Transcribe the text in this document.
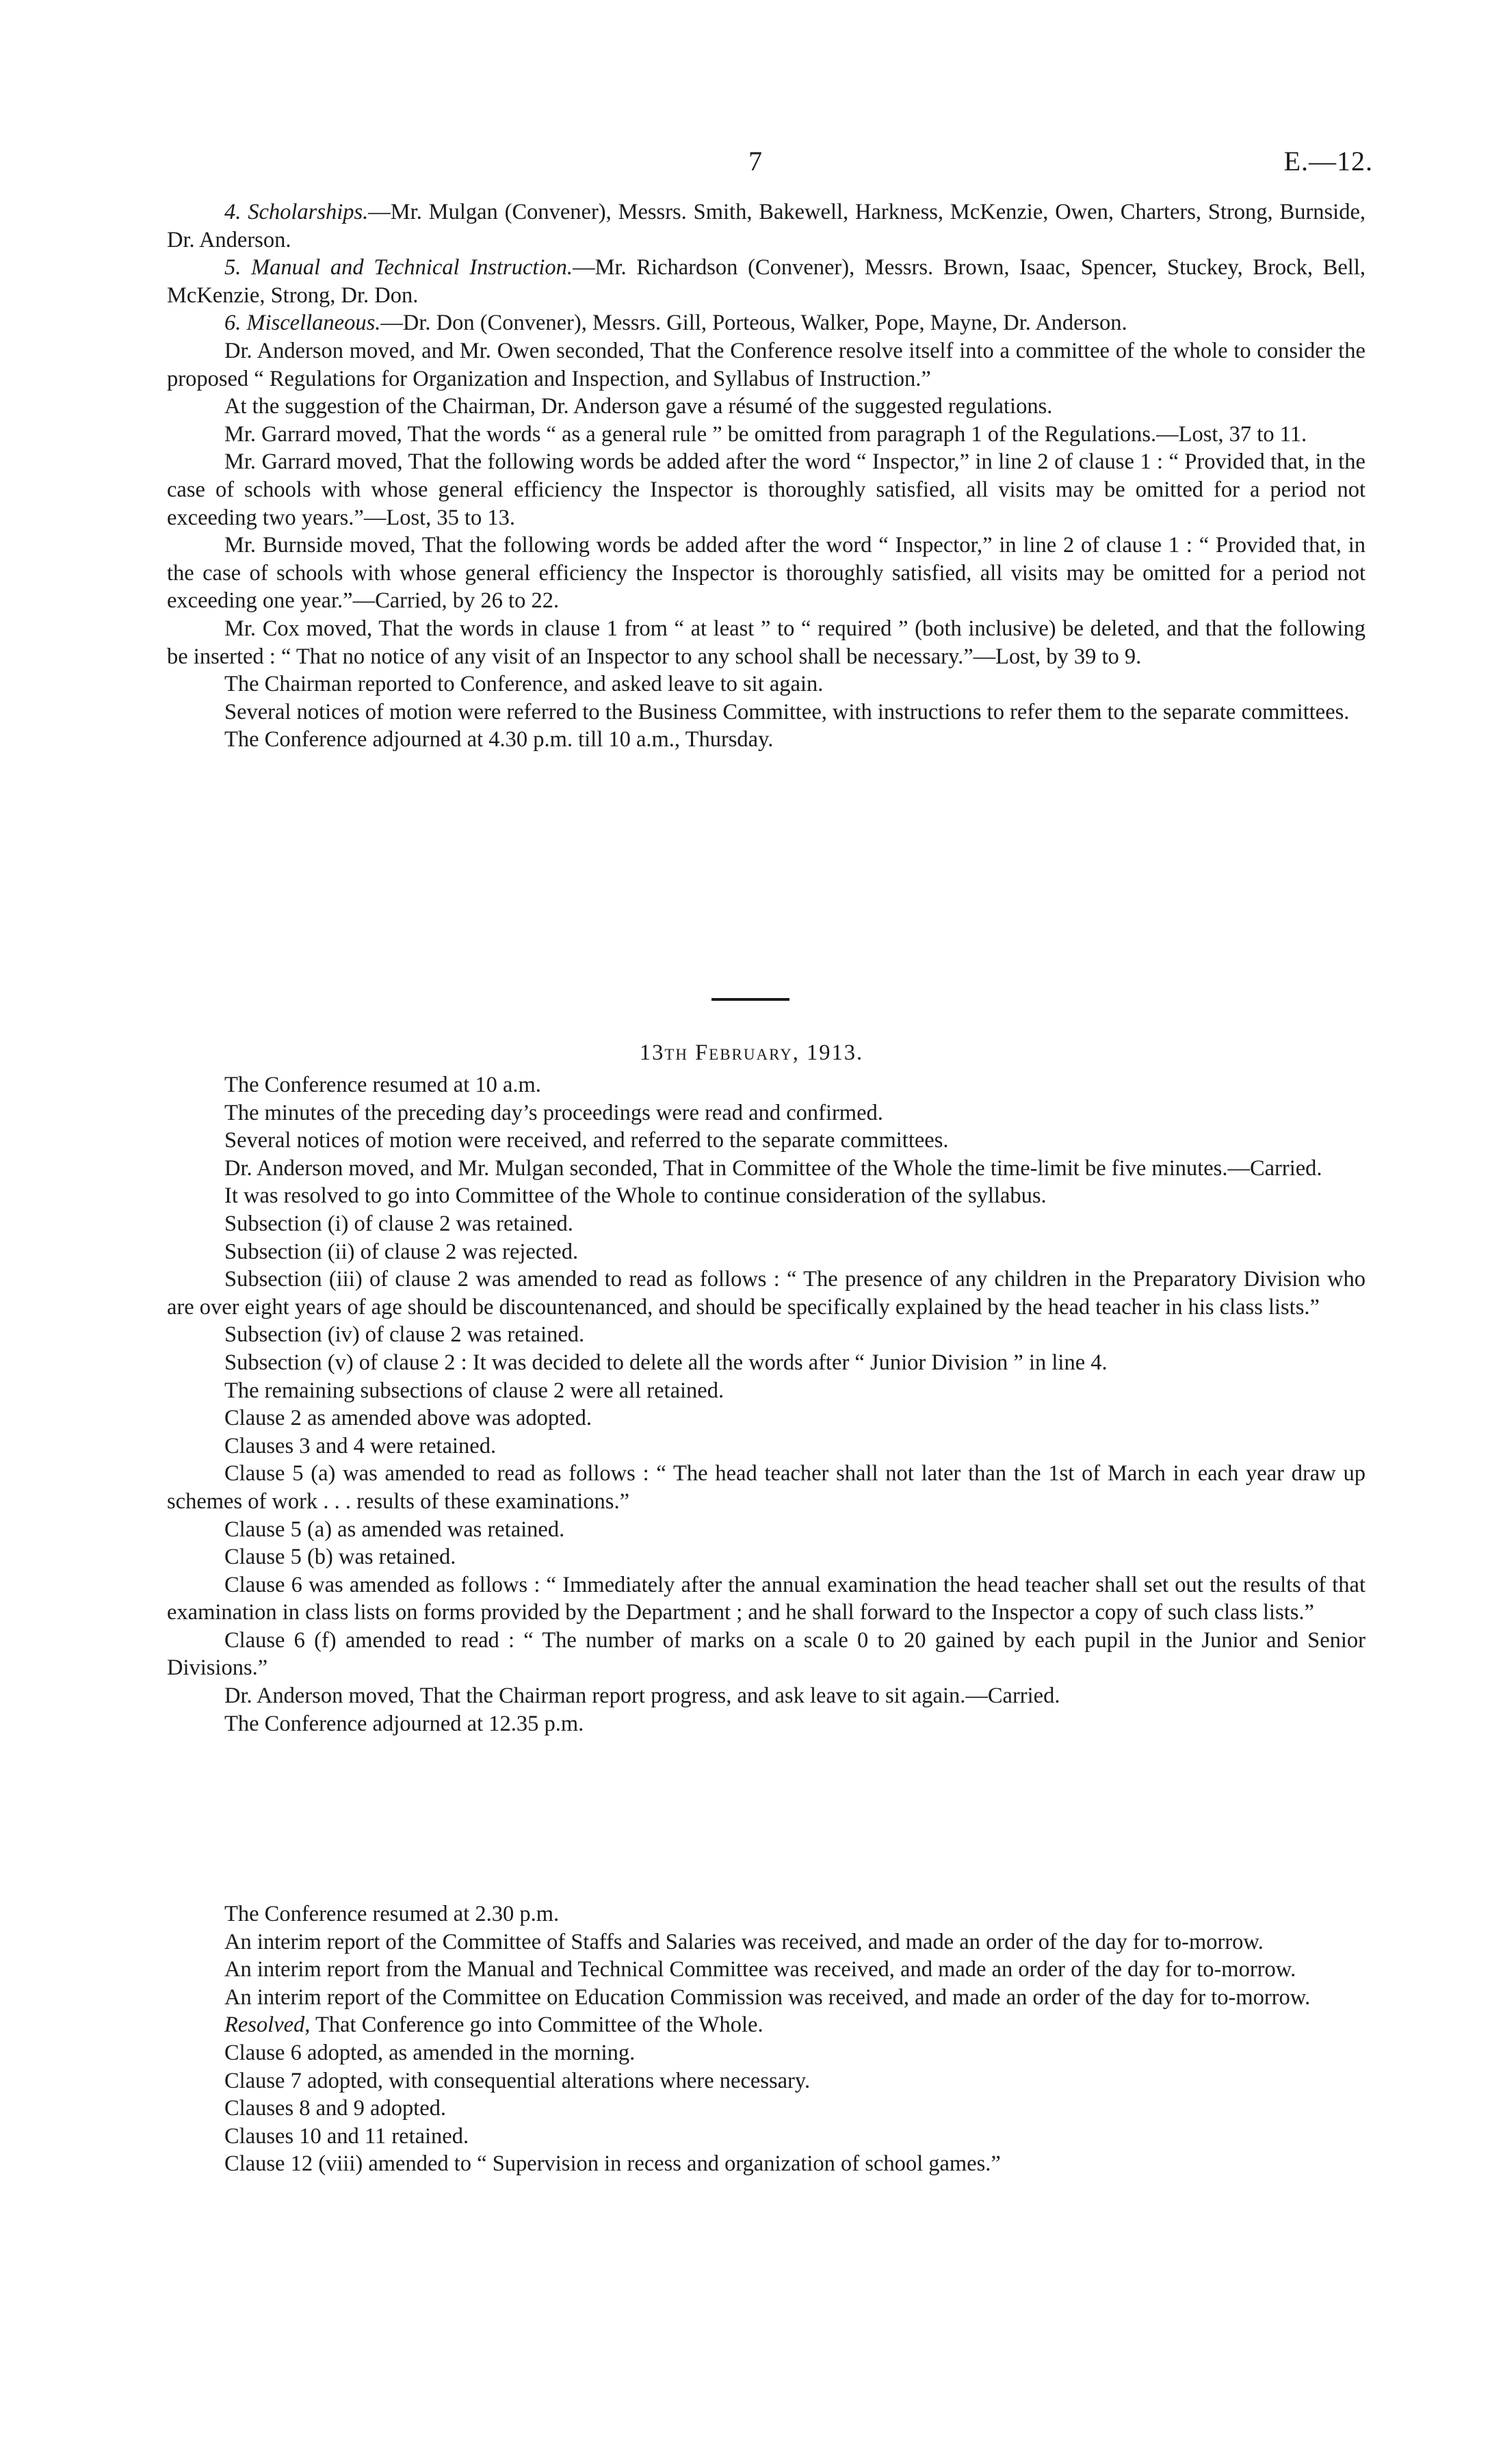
7	E.—12.

4. Scholarships.—Mr. Mulgan (Convener), Messrs. Smith, Bakewell, Harkness, McKenzie, Owen, Charters, Strong, Burnside, Dr. Anderson.

5. Manual and Technical Instruction.—Mr. Richardson (Convener), Messrs. Brown, Isaac, Spencer, Stuckey, Brock, Bell, McKenzie, Strong, Dr. Don.

6. Miscellaneous.—Dr. Don (Convener), Messrs. Gill, Porteous, Walker, Pope, Mayne, Dr. Anderson.

Dr. Anderson moved, and Mr. Owen seconded, That the Conference resolve itself into a committee of the whole to consider the proposed “ Regulations for Organization and Inspection, and Syllabus of Instruction.”

At the suggestion of the Chairman, Dr. Anderson gave a résumé of the suggested regulations.

Mr. Garrard moved, That the words “ as a general rule ” be omitted from paragraph 1 of the Regulations.—Lost, 37 to 11.

Mr. Garrard moved, That the following words be added after the word “ Inspector,” in line 2 of clause 1 : “ Provided that, in the case of schools with whose general efficiency the Inspector is thoroughly satisfied, all visits may be omitted for a period not exceeding two years.”—Lost, 35 to 13.

Mr. Burnside moved, That the following words be added after the word “ Inspector,” in line 2 of clause 1 : “ Provided that, in the case of schools with whose general efficiency the Inspector is thoroughly satisfied, all visits may be omitted for a period not exceeding one year.”—Carried, by 26 to 22.

Mr. Cox moved, That the words in clause 1 from “ at least ” to “ required ” (both inclusive) be deleted, and that the following be inserted : “ That no notice of any visit of an Inspector to any school shall be necessary.”—Lost, by 39 to 9.

The Chairman reported to Conference, and asked leave to sit again.

Several notices of motion were referred to the Business Committee, with instructions to refer them to the separate committees.

The Conference adjourned at 4.30 p.m. till 10 a.m., Thursday.

13th February, 1913.

The Conference resumed at 10 a.m.

The minutes of the preceding day’s proceedings were read and confirmed.

Several notices of motion were received, and referred to the separate committees.

Dr. Anderson moved, and Mr. Mulgan seconded, That in Committee of the Whole the time-limit be five minutes.—Carried.

It was resolved to go into Committee of the Whole to continue consideration of the syllabus.

Subsection (i) of clause 2 was retained.

Subsection (ii) of clause 2 was rejected.

Subsection (iii) of clause 2 was amended to read as follows : “ The presence of any children in the Preparatory Division who are over eight years of age should be discountenanced, and should be specifically explained by the head teacher in his class lists.”

Subsection (iv) of clause 2 was retained.

Subsection (v) of clause 2 : It was decided to delete all the words after “ Junior Division ” in line 4.

The remaining subsections of clause 2 were all retained.

Clause 2 as amended above was adopted.

Clauses 3 and 4 were retained.

Clause 5 (a) was amended to read as follows : “ The head teacher shall not later than the 1st of March in each year draw up schemes of work . . . results of these examinations.”

Clause 5 (a) as amended was retained.

Clause 5 (b) was retained.

Clause 6 was amended as follows : “ Immediately after the annual examination the head teacher shall set out the results of that examination in class lists on forms provided by the Department ; and he shall forward to the Inspector a copy of such class lists.”

Clause 6 (f) amended to read : “ The number of marks on a scale 0 to 20 gained by each pupil in the Junior and Senior Divisions.”

Dr. Anderson moved, That the Chairman report progress, and ask leave to sit again.—Carried.

The Conference adjourned at 12.35 p.m.

The Conference resumed at 2.30 p.m.

An interim report of the Committee of Staffs and Salaries was received, and made an order of the day for to-morrow.

An interim report from the Manual and Technical Committee was received, and made an order of the day for to-morrow.

An interim report of the Committee on Education Commission was received, and made an order of the day for to-morrow.

Resolved, That Conference go into Committee of the Whole.

Clause 6 adopted, as amended in the morning.

Clause 7 adopted, with consequential alterations where necessary.

Clauses 8 and 9 adopted.

Clauses 10 and 11 retained.

Clause 12 (viii) amended to “ Supervision in recess and organization of school games.”
